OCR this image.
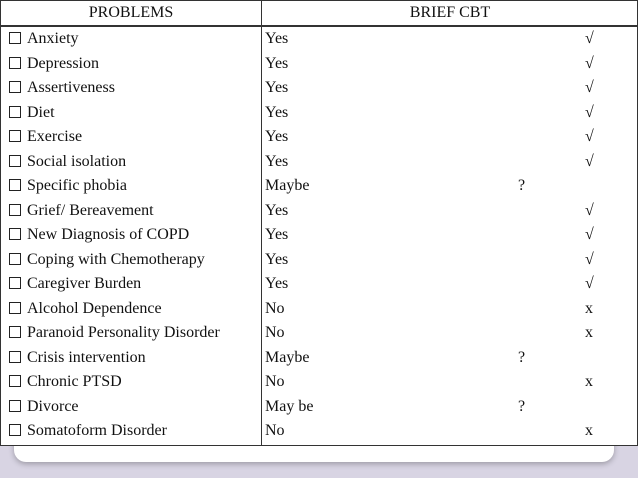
PROBLEMS	BRIEF CBT
Anxiety	Yes	√
Depression	Yes	√
Assertiveness	Yes	√
Diet	Yes	√
Exercise	Yes	√
Social isolation	Yes	√
Specific phobia	Maybe	?
Grief/ Bereavement	Yes	√
New Diagnosis of COPD	Yes	√
Coping with Chemotherapy	Yes	√
Caregiver Burden	Yes	√
Alcohol Dependence	No	x
Paranoid Personality Disorder	No	x
Crisis intervention	Maybe	?
Chronic PTSD	No	x
Divorce	May be	?
Somatoform Disorder	No	x
